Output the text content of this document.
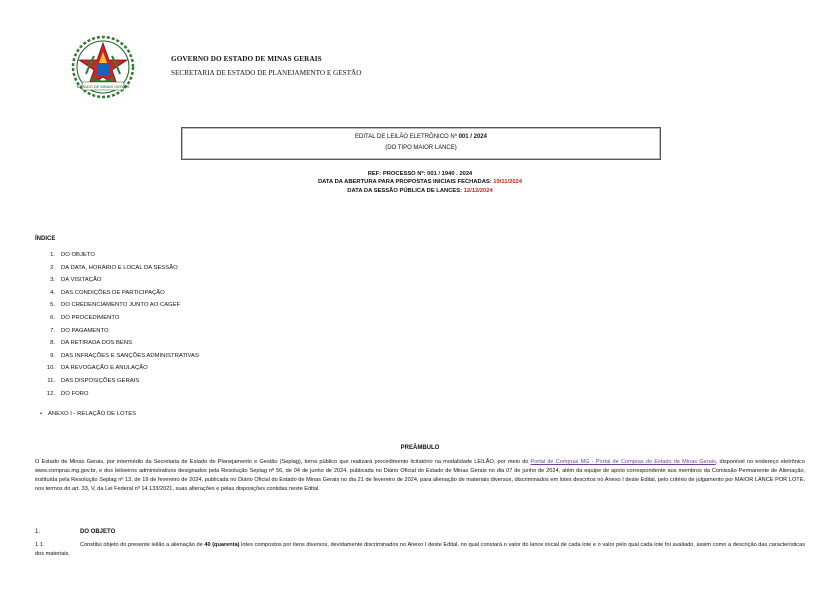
ESTADO DE MINAS GERAIS
GOVERNO DO ESTADO DE MINAS GERAIS
SECRETARIA DE ESTADO DE PLANEJAMENTO E GESTÃO
EDITAL DE LEILÃO ELETRÔNICO Nº 001 / 2024
(DO TIPO MAIOR LANCE)
REF: PROCESSO Nº: 001 / 1940 . 2024
DATA DA ABERTURA PARA PROPOSTAS INICIAIS FECHADAS: 19/11/2024
DATA DA SESSÃO PÚBLICA DE LANCES: 12/12/2024
ÍNDICE
1. DO OBJETO
2. DA DATA, HORÁRIO E LOCAL DA SESSÃO
3. DA VISITAÇÃO
4. DAS CONDIÇÕES DE PARTICIPAÇÃO
5. DO CREDENCIAMENTO JUNTO AO CAGEF
6. DO PROCEDIMENTO
7. DO PAGAMENTO
8. DA RETIRADA DOS BENS
9. DAS INFRAÇÕES E SANÇÕES ADMINISTRATIVAS
10. DA REVOGAÇÃO E ANULAÇÃO
11. DAS DISPOSIÇÕES GERAIS
12. DO FORO
• ANEXO I - RELAÇÃO DE LOTES
PREÂMBULO
O Estado de Minas Gerais, por intermédio da Secretaria de Estado de Planejamento e Gestão (Seplag), torna público que realizará procedimento licitatório na modalidade LEILÃO, por meio do Portal de Compras MG - Portal de Compras do Estado de Minas Gerais, disponível no endereço eletrônico www.compras.mg.gov.br, e dos leiloeiros administrativos designados pela Resolução Seplag nº 56, de 04 de junho de 2024, publicada no Diário Oficial do Estado de Minas Gerais no dia 07 de junho de 2024, além da equipe de apoio correspondente aos membros da Comissão Permanente de Alienação, instituída pela Resolução Seplag nº 13, de 19 de fevereiro de 2024, publicada no Diário Oficial do Estado de Minas Gerais no dia 21 de fevereiro de 2024, para alienação de materiais diversos, discriminados em lotes descritos no Anexo I deste Edital, pelo critério de julgamento por MAIOR LANCE POR LOTE, nos termos do art. 33, V, da Lei Federal nº 14.133/2021, suas alterações e pelas disposições contidas neste Edital.
1.	DO OBJETO
1.1.	Constitui objeto do presente leilão a alienação de 40 (quarenta) lotes compostos por itens diversos, devidamente discriminados no Anexo I deste Edital, no qual constará o valor do lance inicial de cada lote e o valor pelo qual cada lote foi avaliado, assim como a descrição das características dos materiais.
